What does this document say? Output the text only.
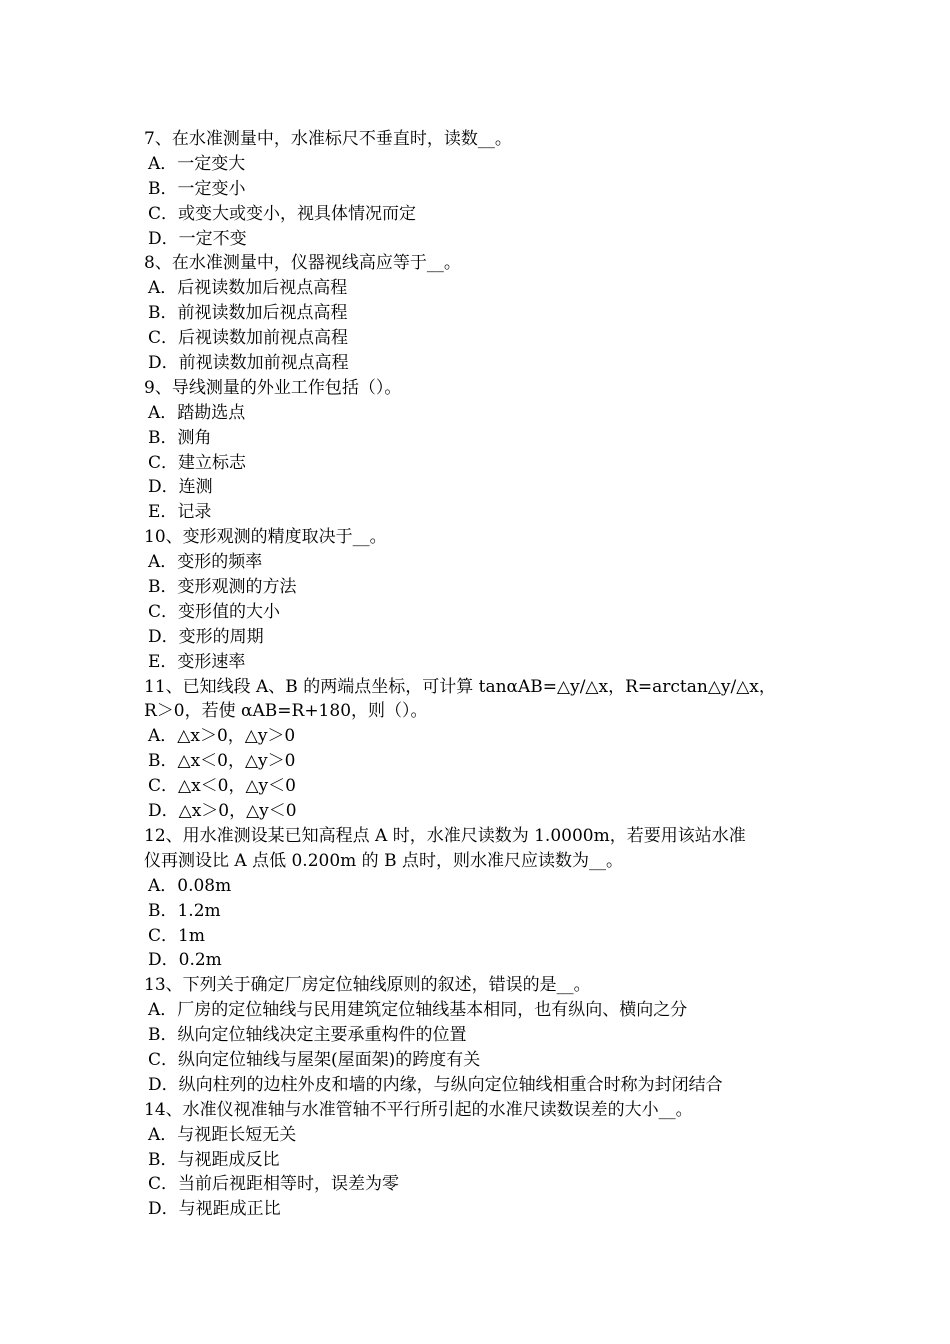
7、在水准测量中，水准标尺不垂直时，读数__。
A．一定变大
B．一定变小
C．或变大或变小，视具体情况而定
D．一定不变
8、在水准测量中，仪器视线高应等于__。
A．后视读数加后视点高程
B．前视读数加后视点高程
C．后视读数加前视点高程
D．前视读数加前视点高程
9、导线测量的外业工作包括（）。
A．踏勘选点
B．测角
C．建立标志
D．连测
E．记录
10、变形观测的精度取决于__。
A．变形的频率
B．变形观测的方法
C．变形值的大小
D．变形的周期
E．变形速率
11、已知线段 A、B 的两端点坐标，可计算 tanαAB=△y/△x，R=arctan△y/△x，
R＞0，若使 αAB=R+180，则（）。
A．△x＞0，△y＞0
B．△x＜0，△y＞0
C．△x＜0，△y＜0
D．△x＞0，△y＜0
12、用水准测设某已知高程点 A 时，水准尺读数为 1.0000m，若要用该站水准
仪再测设比 A 点低 0.200m 的 B 点时，则水准尺应读数为__。
A．0.08m
B．1.2m
C．1m
D．0.2m
13、下列关于确定厂房定位轴线原则的叙述，错误的是__。
A．厂房的定位轴线与民用建筑定位轴线基本相同，也有纵向、横向之分
B．纵向定位轴线决定主要承重构件的位置
C．纵向定位轴线与屋架(屋面架)的跨度有关
D．纵向柱列的边柱外皮和墙的内缘，与纵向定位轴线相重合时称为封闭结合
14、水准仪视准轴与水准管轴不平行所引起的水准尺读数误差的大小__。
A．与视距长短无关
B．与视距成反比
C．当前后视距相等时，误差为零
D．与视距成正比
